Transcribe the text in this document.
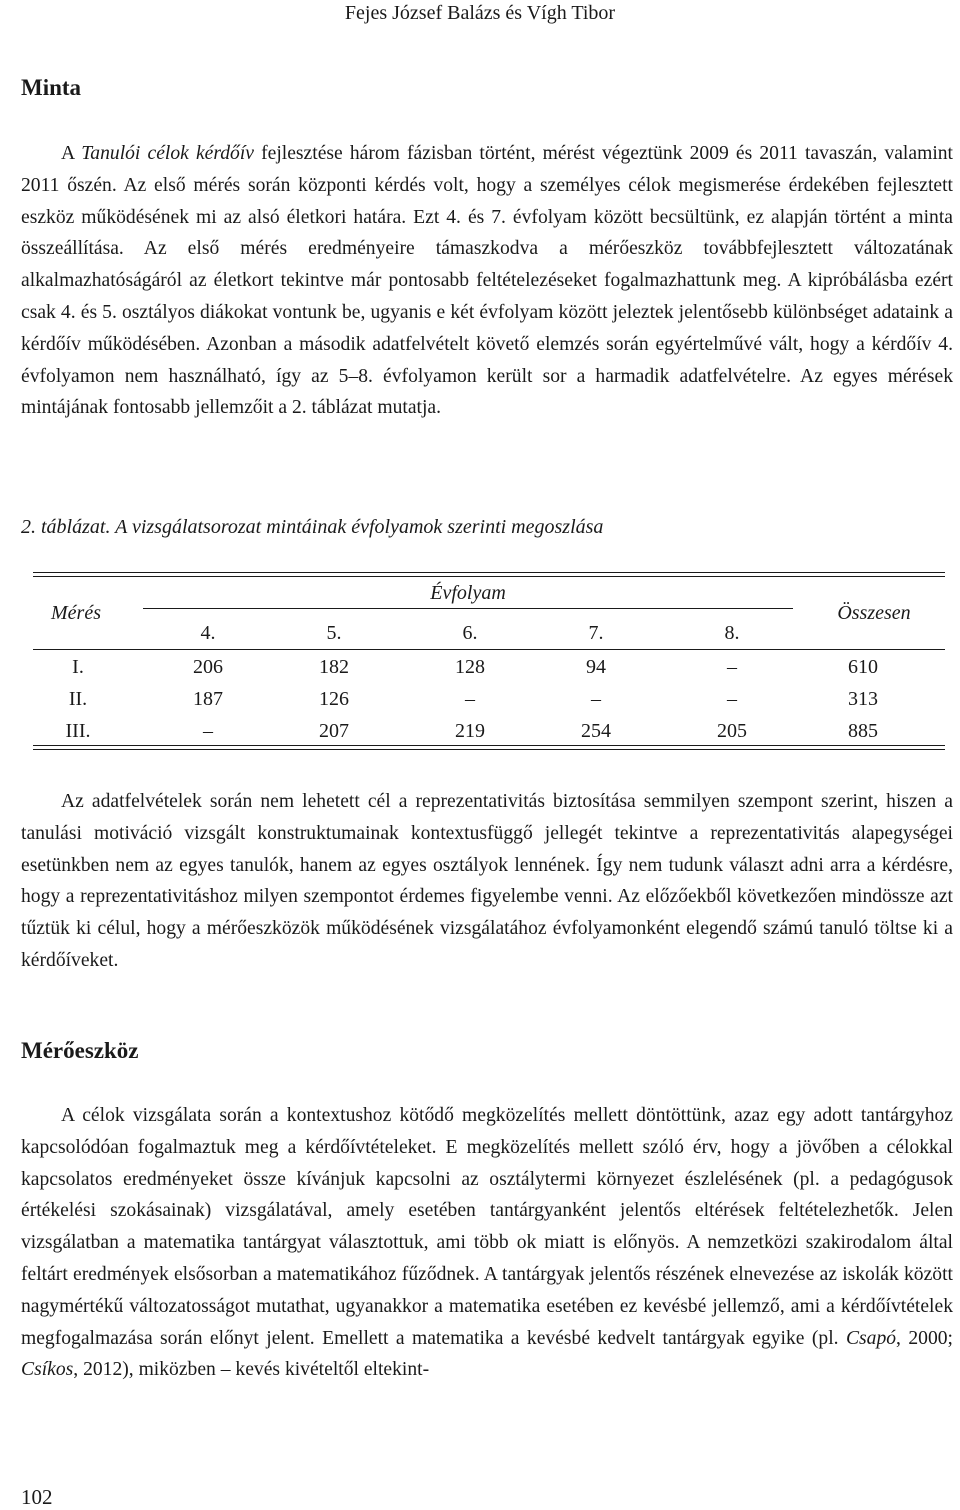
Fejes József Balázs és Vígh Tibor
Minta
A Tanulói célok kérdőív fejlesztése három fázisban történt, mérést végeztünk 2009 és 2011 tavaszán, valamint 2011 őszén. Az első mérés során központi kérdés volt, hogy a személyes célok megismerése érdekében fejlesztett eszköz működésének mi az alsó életkori határa. Ezt 4. és 7. évfolyam között becsültünk, ez alapján történt a minta összeállítása. Az első mérés eredményeire támaszkodva a mérőeszköz továbbfejlesztett változatának alkalmazhatóságáról az életkort tekintve már pontosabb feltételezéseket fogalmazhattunk meg. A kipróbálásba ezért csak 4. és 5. osztályos diákokat vontunk be, ugyanis e két évfolyam között jeleztek jelentősebb különbséget adataink a kérdőív működésében. Azonban a második adatfelvételt követő elemzés során egyértelművé vált, hogy a kérdőív 4. évfolyamon nem használható, így az 5–8. évfolyamon került sor a harmadik adatfelvételre. Az egyes mérések mintájának fontosabb jellemzőit a 2. táblázat mutatja.
2. táblázat. A vizsgálatsorozat mintáinak évfolyamok szerinti megoszlása
Mérés
Évfolyam
Összesen
4.	5.	6.	7.	8.
I.	206	182	128	94	–	610
II.	187	126	–	–	–	313
III.	–	207	219	254	205	885
Az adatfelvételek során nem lehetett cél a reprezentativitás biztosítása semmilyen szempont szerint, hiszen a tanulási motiváció vizsgált konstruktumainak kontextusfüggő jellegét tekintve a reprezentativitás alapegységei esetünkben nem az egyes tanulók, hanem az egyes osztályok lennének. Így nem tudunk választ adni arra a kérdésre, hogy a reprezentativitáshoz milyen szempontot érdemes figyelembe venni. Az előzőekből következően mindössze azt tűztük ki célul, hogy a mérőeszközök működésének vizsgálatához évfolyamonként elegendő számú tanuló töltse ki a kérdőíveket.
Mérőeszköz
A célok vizsgálata során a kontextushoz kötődő megközelítés mellett döntöttünk, azaz egy adott tantárgyhoz kapcsolódóan fogalmaztuk meg a kérdőívtételeket. E megközelítés mellett szóló érv, hogy a jövőben a célokkal kapcsolatos eredményeket össze kívánjuk kapcsolni az osztálytermi környezet észlelésének (pl. a pedagógusok értékelési szokásainak) vizsgálatával, amely esetében tantárgyanként jelentős eltérések feltételezhetők. Jelen vizsgálatban a matematika tantárgyat választottuk, ami több ok miatt is előnyös. A nemzetközi szakirodalom által feltárt eredmények elsősorban a matematikához fűződnek. A tantárgyak jelentős részének elnevezése az iskolák között nagymértékű változatosságot mutathat, ugyanakkor a matematika esetében ez kevésbé jellemző, ami a kérdőívtételek megfogalmazása során előnyt jelent. Emellett a matematika a kevésbé kedvelt tantárgyak egyike (pl. Csapó, 2000; Csíkos, 2012), miközben – kevés kivételtől eltekint-
102
